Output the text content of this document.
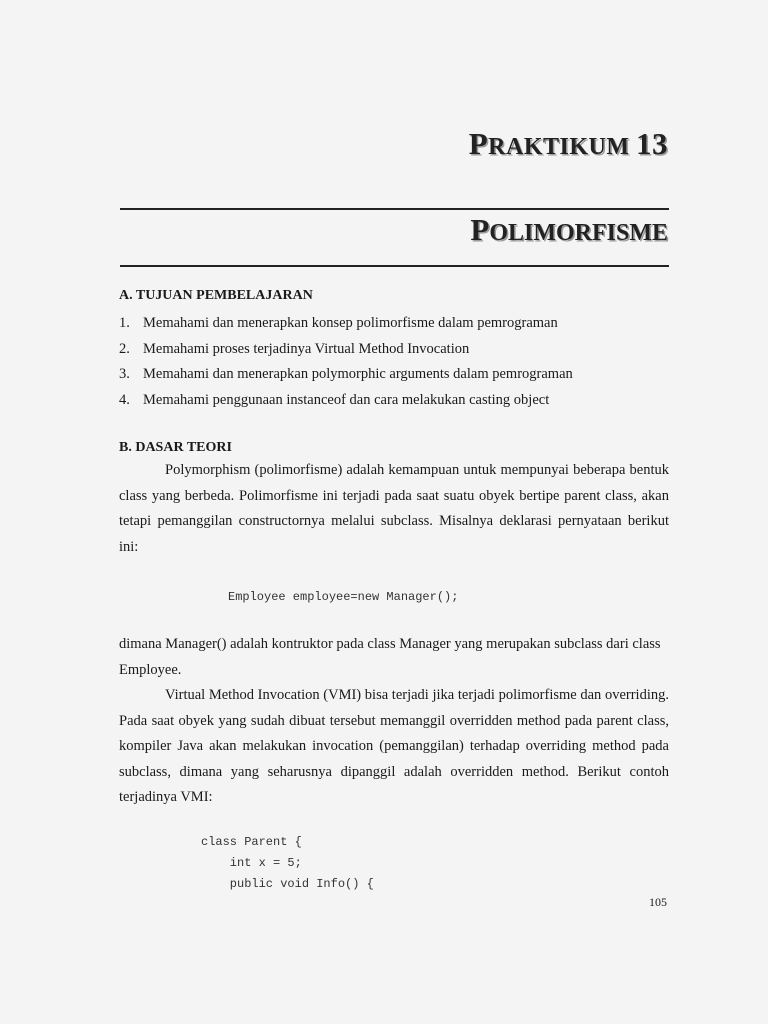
PRAKTIKUM 13
POLIMORFISME
A. TUJUAN PEMBELAJARAN
1. Memahami dan menerapkan konsep polimorfisme dalam pemrograman
2. Memahami proses terjadinya Virtual Method Invocation
3. Memahami dan menerapkan polymorphic arguments dalam pemrograman
4. Memahami penggunaan instanceof dan cara melakukan casting object
B. DASAR TEORI

Polymorphism (polimorfisme) adalah kemampuan untuk mempunyai beberapa bentuk class yang berbeda. Polimorfisme ini terjadi pada saat suatu obyek bertipe parent class, akan tetapi pemanggilan constructornya melalui subclass. Misalnya deklarasi pernyataan berikut ini:

Employee employee=new Manager();

dimana Manager() adalah kontruktor pada class Manager yang merupakan subclass dari class Employee.

Virtual Method Invocation (VMI) bisa terjadi jika terjadi polimorfisme dan overriding. Pada saat obyek yang sudah dibuat tersebut memanggil overridden method pada parent class, kompiler Java akan melakukan invocation (pemanggilan) terhadap overriding method pada subclass, dimana yang seharusnya dipanggil adalah overridden method. Berikut contoh terjadinya VMI:

class Parent {
int x = 5;
public void Info() {
105
